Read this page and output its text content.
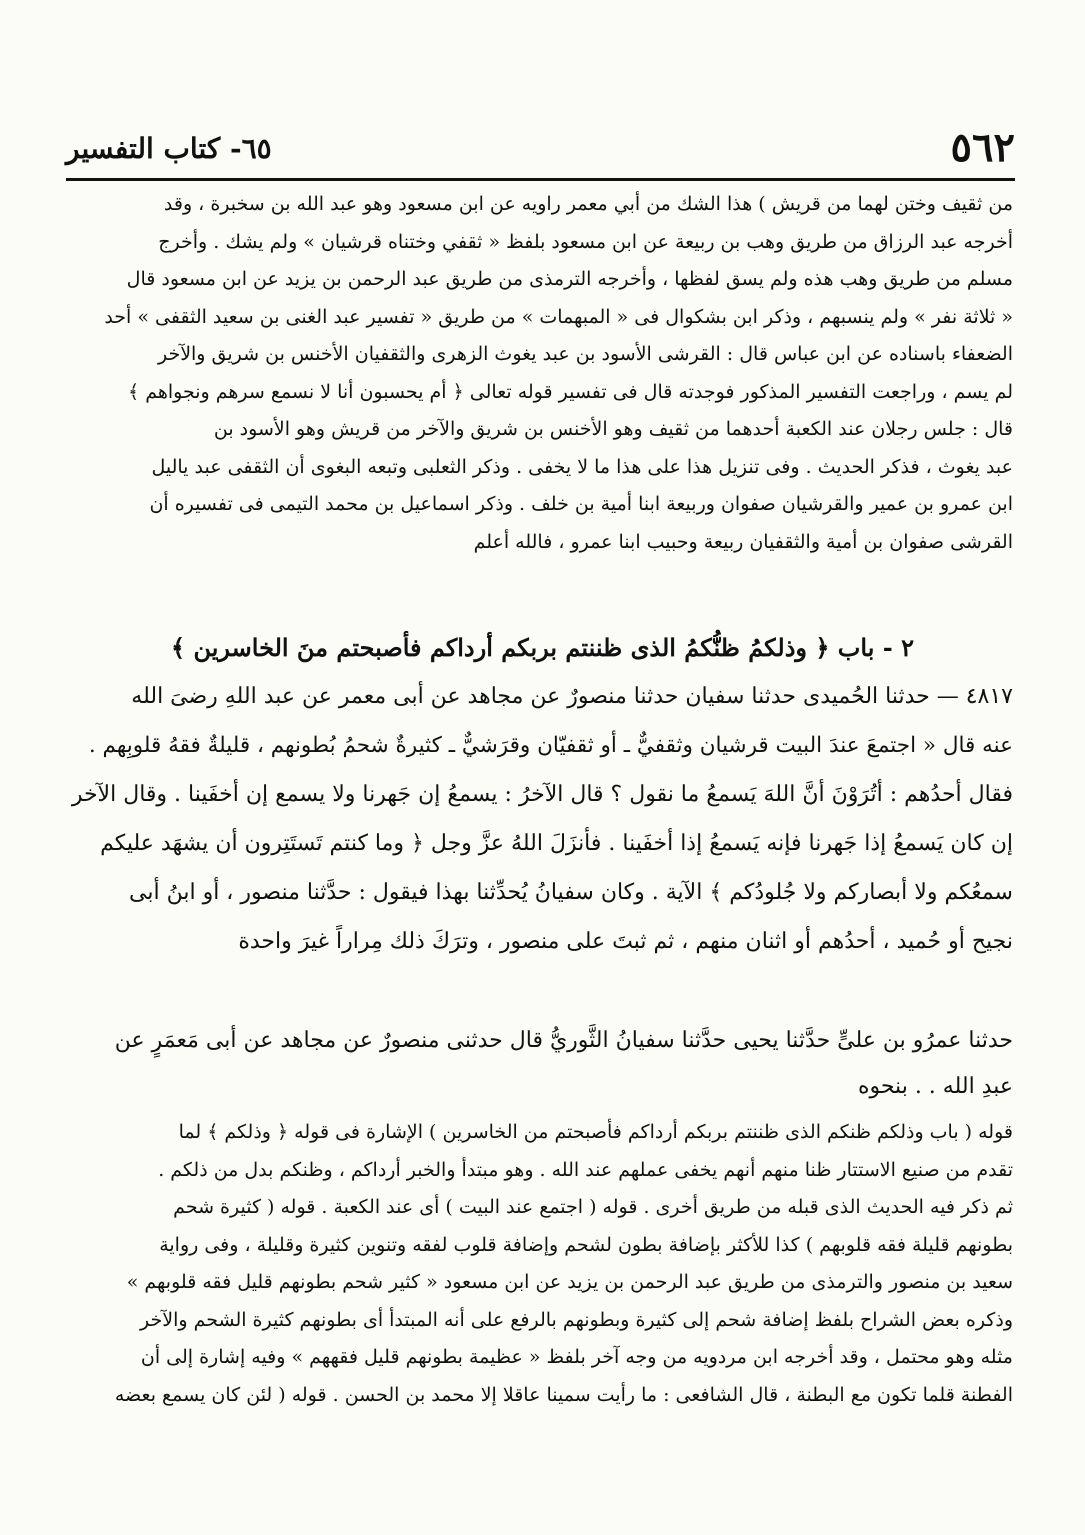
٥٦٢
٦٥- كتاب التفسير
من ثقيف وختن لهما من قريش ) هذا الشك من أبي معمر راويه عن ابن مسعود وهو عبد الله بن سخبرة ، وقد
أخرجه عبد الرزاق من طريق وهب بن ربيعة عن ابن مسعود بلفظ « ثقفي وختناه قرشيان » ولم يشك . وأخرج
مسلم من طريق وهب هذه ولم يسق لفظها ، وأخرجه الترمذى من طريق عبد الرحمن بن يزيد عن ابن مسعود قال
« ثلاثة نفر » ولم ينسبهم ، وذكر ابن بشكوال فى « المبهمات » من طريق « تفسير عبد الغنى بن سعيد الثقفى » أحد
الضعفاء باسناده عن ابن عباس قال : القرشى الأسود بن عبد يغوث الزهرى والثقفيان الأخنس بن شريق والآخر
لم يسم ، وراجعت التفسير المذكور فوجدته قال فى تفسير قوله تعالى ﴿ أم يحسبون أنا لا نسمع سرهم ونجواهم ﴾
قال : جلس رجلان عند الكعبة أحدهما من ثقيف وهو الأخنس بن شريق والآخر من قريش وهو الأسود بن
عبد يغوث ، فذكر الحديث . وفى تنزيل هذا على هذا ما لا يخفى . وذكر الثعلبى وتبعه البغوى أن الثقفى عبد ياليل
ابن عمرو بن عمير والقرشيان صفوان وربيعة ابنا أمية بن خلف . وذكر اسماعيل بن محمد التيمى فى تفسيره أن
القرشى صفوان بن أمية والثقفيان ربيعة وحبيب ابنا عمرو ، فالله أعلم
٢ - باب ﴿ وذلكمُ ظنُّكمُ الذى ظننتم بربكم أرداكم فأصبحتم منَ الخاسرين ﴾
٤٨١٧ — حدثنا الحُميدى حدثنا سفيان حدثنا منصورٌ عن مجاهد عن أبى معمر عن عبد اللهِ رضىَ الله
عنه قال « اجتمعَ عندَ البيت قرشيان وثقفيٌّ ـ أو ثقفيّان وقرَشيٌّ ـ كثيرةٌ شحمُ بُطونهم ، قليلةٌ فقهُ قلوبِهم .
فقال أحدُهم : أتُرَوْنَ أنَّ اللهَ يَسمعُ ما نقول ؟ قال الآخرُ : يسمعُ إن جَهرنا ولا يسمع إن أخفَينا . وقال الآخر
إن كان يَسمعُ إذا جَهرنا فإنه يَسمعُ إذا أخفَينا . فأنزَلَ اللهُ عزَّ وجل ﴿ وما كنتم تَستَتِرون أن يشهَد عليكم
سمعُكم ولا أبصاركم ولا جُلودُكم ﴾ الآية . وكان سفيانُ يُحدِّثنا بهذا فيقول : حدَّثنا منصور ، أو ابنُ أبى
نجيح أو حُميد ، أحدُهم أو اثنان منهم ، ثم ثبتَ على منصور ، وترَكَ ذلك مِراراً غيرَ واحدة
حدثنا عمرُو بن علىٍّ حدَّثنا يحيى حدَّثنا سفيانُ الثَّوريُّ قال حدثنى منصورٌ عن مجاهد عن أبى مَعمَرٍ عن
عبدِ الله . . بنحوه
قوله ( باب وذلكم ظنكم الذى ظننتم بربكم أرداكم فأصبحتم من الخاسرين ) الإشارة فى قوله ﴿ وذلكم ﴾ لما
تقدم من صنيع الاستتار ظنا منهم أنهم يخفى عملهم عند الله . وهو مبتدأ والخبر أرداكم ، وظنكم بدل من ذلكم .
ثم ذكر فيه الحديث الذى قبله من طريق أخرى . قوله ( اجتمع عند البيت ) أى عند الكعبة . قوله ( كثيرة شحم
بطونهم قليلة فقه قلوبهم ) كذا للأكثر بإضافة بطون لشحم وإضافة قلوب لفقه وتنوين كثيرة وقليلة ، وفى رواية
سعيد بن منصور والترمذى من طريق عبد الرحمن بن يزيد عن ابن مسعود « كثير شحم بطونهم قليل فقه قلوبهم »
وذكره بعض الشراح بلفظ إضافة شحم إلى كثيرة وبطونهم بالرفع على أنه المبتدأ أى بطونهم كثيرة الشحم والآخر
مثله وهو محتمل ، وقد أخرجه ابن مردويه من وجه آخر بلفظ « عظيمة بطونهم قليل فقههم » وفيه إشارة إلى أن
الفطنة قلما تكون مع البطنة ، قال الشافعى : ما رأيت سمينا عاقلا إلا محمد بن الحسن . قوله ( لئن كان يسمع بعضه
